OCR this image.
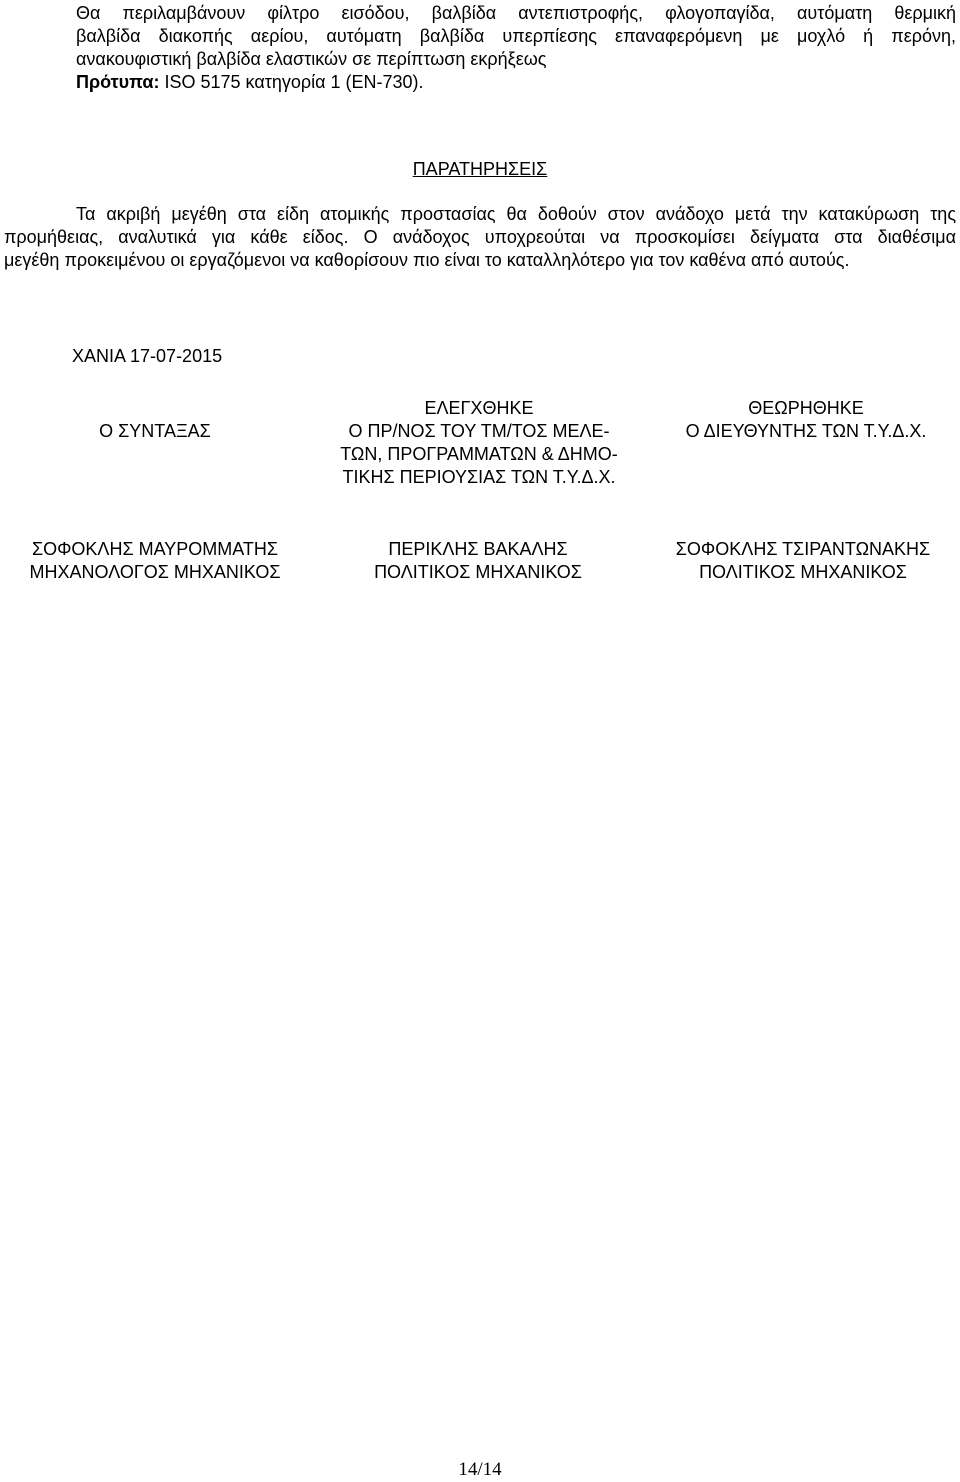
Θα περιλαμβάνουν φίλτρο εισόδου, βαλβίδα αντεπιστροφής, φλογοπαγίδα, αυτόματη θερμική
βαλβίδα διακοπής αερίου, αυτόματη βαλβίδα υπερπίεσης επαναφερόμενη με μοχλό ή περόνη,
ανακουφιστική βαλβίδα ελαστικών σε περίπτωση εκρήξεως
Πρότυπα: ISO 5175 κατηγορία 1 (EN-730).
ΠΑΡΑΤΗΡΗΣΕΙΣ
Τα ακριβή μεγέθη στα είδη ατομικής προστασίας θα δοθούν στον ανάδοχο μετά την κατακύρωση της
προμήθειας, αναλυτικά για κάθε είδος. Ο ανάδοχος υποχρεούται να προσκομίσει δείγματα στα διαθέσιμα
μεγέθη προκειμένου οι εργαζόμενοι να καθορίσουν πιο είναι το καταλληλότερο για τον καθένα από αυτούς.
ΧΑΝΙΑ 17-07-2015
Ο ΣΥΝΤΑΞΑΣ
ΕΛΕΓΧΘΗΚΕ
Ο ΠΡ/ΝΟΣ ΤΟΥ ΤΜ/ΤΟΣ ΜΕΛΕ-
ΤΩΝ, ΠΡΟΓΡΑΜΜΑΤΩΝ & ΔΗΜΟ-
ΤΙΚΗΣ ΠΕΡΙΟΥΣΙΑΣ ΤΩΝ Τ.Υ.Δ.Χ.
ΘΕΩΡΗΘΗΚΕ
Ο ΔΙΕΥΘΥΝΤΗΣ ΤΩΝ Τ.Υ.Δ.Χ.
ΣΟΦΟΚΛΗΣ ΜΑΥΡΟΜΜΑΤΗΣ
ΜΗΧΑΝΟΛΟΓΟΣ ΜΗΧΑΝΙΚΟΣ
ΠΕΡΙΚΛΗΣ ΒΑΚΑΛΗΣ
ΠΟΛΙΤΙΚΟΣ ΜΗΧΑΝΙΚΟΣ
ΣΟΦΟΚΛΗΣ ΤΣΙΡΑΝΤΩΝΑΚΗΣ
ΠΟΛΙΤΙΚΟΣ ΜΗΧΑΝΙΚΟΣ
14/14
